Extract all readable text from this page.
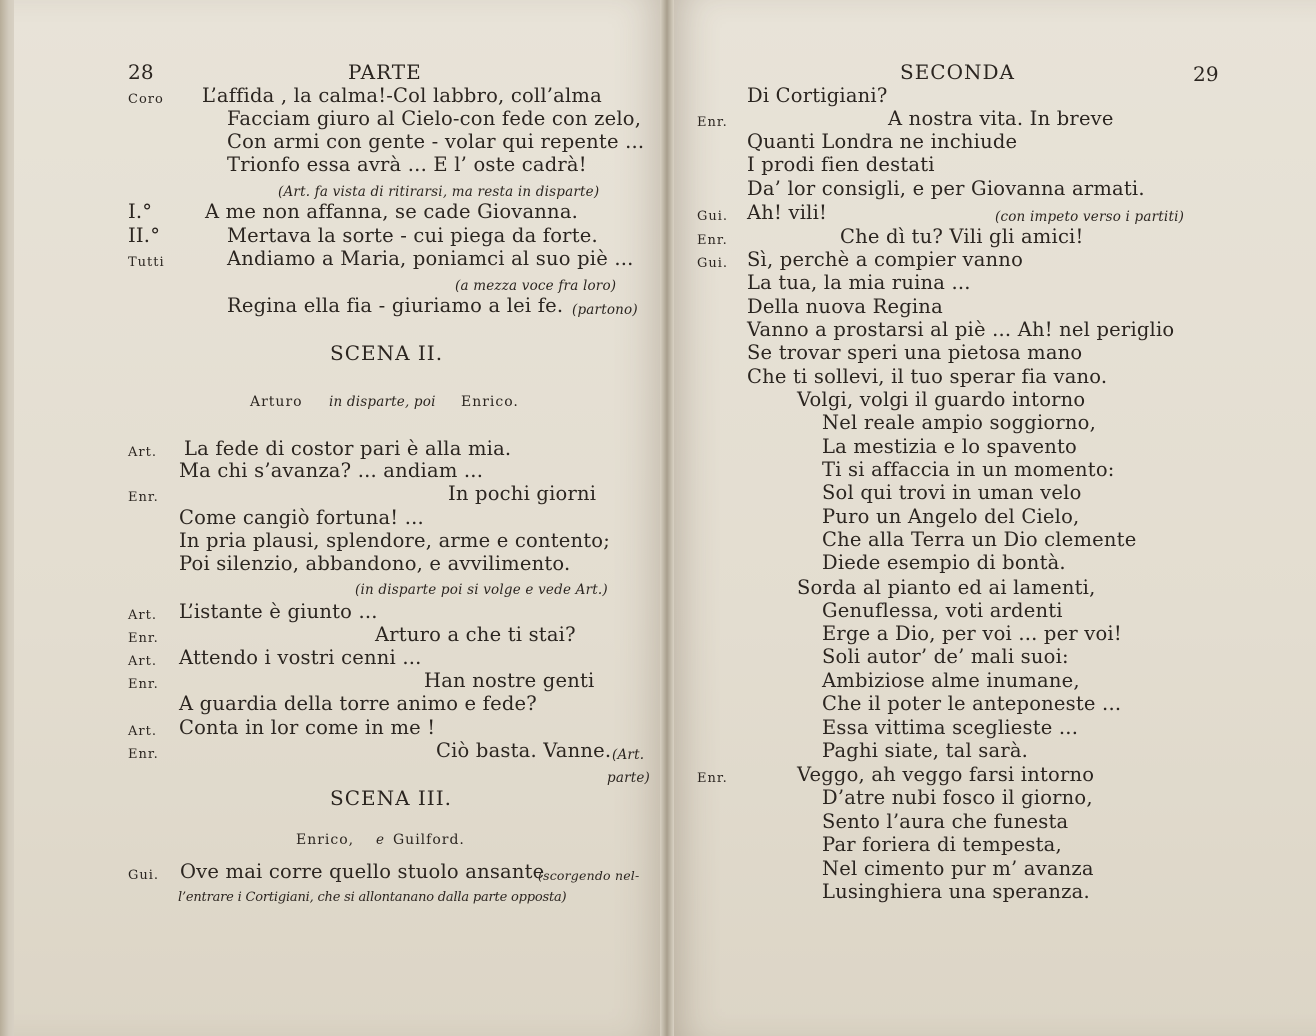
28	PARTE
Coro L’affida , la calma!-Col labbro, coll’alma
Facciam giuro al Cielo-con fede con zelo,
Con armi con gente - volar qui repente ...
Trionfo essa avrà ... E l’ oste cadrà!
(Art. fa vista di ritirarsi, ma resta in disparte)
I.°	A me non affanna, se cade Giovanna.
II.°	Mertava la sorte - cui piega da forte.
Tutti	Andiamo a Maria, poniamci al suo piè ...
(a mezza voce fra loro)
Regina ella fia - giuriamo a lei fe. (partono)
SCENA II.
Arturo in disparte, poi Enrico.
Art. La fede di costor pari è alla mia.
Ma chi s’avanza? ... andiam ...
Enr.	In pochi giorni
Come cangiò fortuna! ...
In pria plausi, splendore, arme e contento;
Poi silenzio, abbandono, e avvilimento.
(in disparte poi si volge e vede Art.)
Art. L’istante è giunto ...
Enr.	Arturo a che ti stai?
Art. Attendo i vostri cenni ...
Enr.	Han nostre genti
A guardia della torre animo e fede?
Art. Conta in lor come in me !
Enr.	Ciò basta. Vanne. (Art.
parte)
SCENA III.
Enrico, e Guilford.
Gui. Ove mai corre quello stuolo ansante
(scorgendo nel-
l’entrare i Cortigiani, che si allontanano dalla parte opposta)
SECONDA	29
Di Cortigiani?
Enr.	A nostra vita. In breve
Quanti Londra ne inchiude
I prodi fien destati
Da’ lor consigli, e per Giovanna armati.
Gui. Ah! vili!	(con impeto verso i partiti)
Enr.	Che dì tu? Vili gli amici!
Gui. Sì, perchè a compier vanno
La tua, la mia ruina ...
Della nuova Regina
Vanno a prostarsi al piè ... Ah! nel periglio
Se trovar speri una pietosa mano
Che ti sollevi, il tuo sperar fia vano.
Volgi, volgi il guardo intorno
Nel reale ampio soggiorno,
La mestizia e lo spavento
Ti si affaccia in un momento:
Sol qui trovi in uman velo
Puro un Angelo del Cielo,
Che alla Terra un Dio clemente
Diede esempio di bontà.
Sorda al pianto ed ai lamenti,
Genuflessa, voti ardenti
Erge a Dio, per voi ... per voi!
Soli autor’ de’ mali suoi:
Ambiziose alme inumane,
Che il poter le anteponeste ...
Essa vittima sceglieste ...
Paghi siate, tal sarà.
Enr.	Veggo, ah veggo farsi intorno
D’atre nubi fosco il giorno,
Sento l’aura che funesta
Par foriera di tempesta,
Nel cimento pur m’ avanza
Lusinghiera una speranza.
